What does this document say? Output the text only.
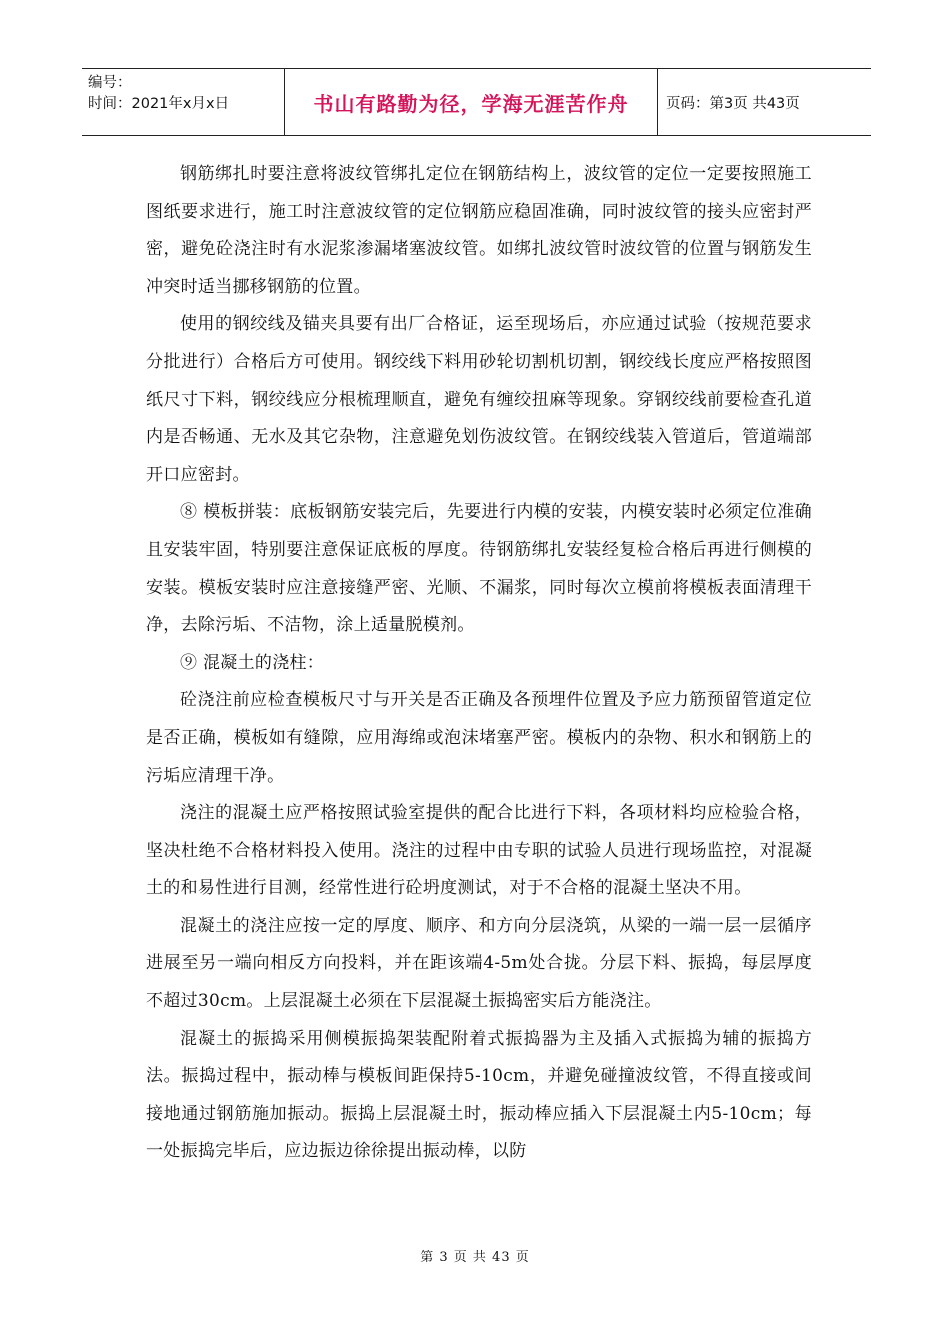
编号：
时间：2021年x月x日	书山有路勤为径，学海无涯苦作舟	页码：第3页 共43页

钢筋绑扎时要注意将波纹管绑扎定位在钢筋结构上，波纹管的定位一定要按照施工图纸要求进行，施工时注意波纹管的定位钢筋应稳固准确，同时波纹管的接头应密封严密，避免砼浇注时有水泥浆渗漏堵塞波纹管。如绑扎波纹管时波纹管的位置与钢筋发生冲突时适当挪移钢筋的位置。

使用的钢绞线及锚夹具要有出厂合格证，运至现场后，亦应通过试验（按规范要求分批进行）合格后方可使用。钢绞线下料用砂轮切割机切割，钢绞线长度应严格按照图纸尺寸下料，钢绞线应分根梳理顺直，避免有缠绞扭麻等现象。穿钢绞线前要检查孔道内是否畅通、无水及其它杂物，注意避免划伤波纹管。在钢绞线装入管道后，管道端部开口应密封。

⑧ 模板拼装：底板钢筋安装完后，先要进行内模的安装，内模安装时必须定位准确且安装牢固，特别要注意保证底板的厚度。待钢筋绑扎安装经复检合格后再进行侧模的安装。模板安装时应注意接缝严密、光顺、不漏浆，同时每次立模前将模板表面清理干净，去除污垢、不洁物，涂上适量脱模剂。

⑨ 混凝土的浇柱：

砼浇注前应检查模板尺寸与开关是否正确及各预埋件位置及予应力筋预留管道定位是否正确，模板如有缝隙，应用海绵或泡沫堵塞严密。模板内的杂物、积水和钢筋上的污垢应清理干净。

浇注的混凝土应严格按照试验室提供的配合比进行下料，各项材料均应检验合格，坚决杜绝不合格材料投入使用。浇注的过程中由专职的试验人员进行现场监控，对混凝土的和易性进行目测，经常性进行砼坍度测试，对于不合格的混凝土坚决不用。

混凝土的浇注应按一定的厚度、顺序、和方向分层浇筑，从梁的一端一层一层循序进展至另一端向相反方向投料，并在距该端4-5m处合拢。分层下料、振捣，每层厚度不超过30cm。上层混凝土必须在下层混凝土振捣密实后方能浇注。

混凝土的振捣采用侧模振捣架装配附着式振捣器为主及插入式振捣为辅的振捣方法。振捣过程中，振动棒与模板间距保持5-10cm，并避免碰撞波纹管，不得直接或间接地通过钢筋施加振动。振捣上层混凝土时，振动棒应插入下层混凝土内5-10cm；每一处振捣完毕后，应边振边徐徐提出振动棒，以防

第 3 页 共 43 页
